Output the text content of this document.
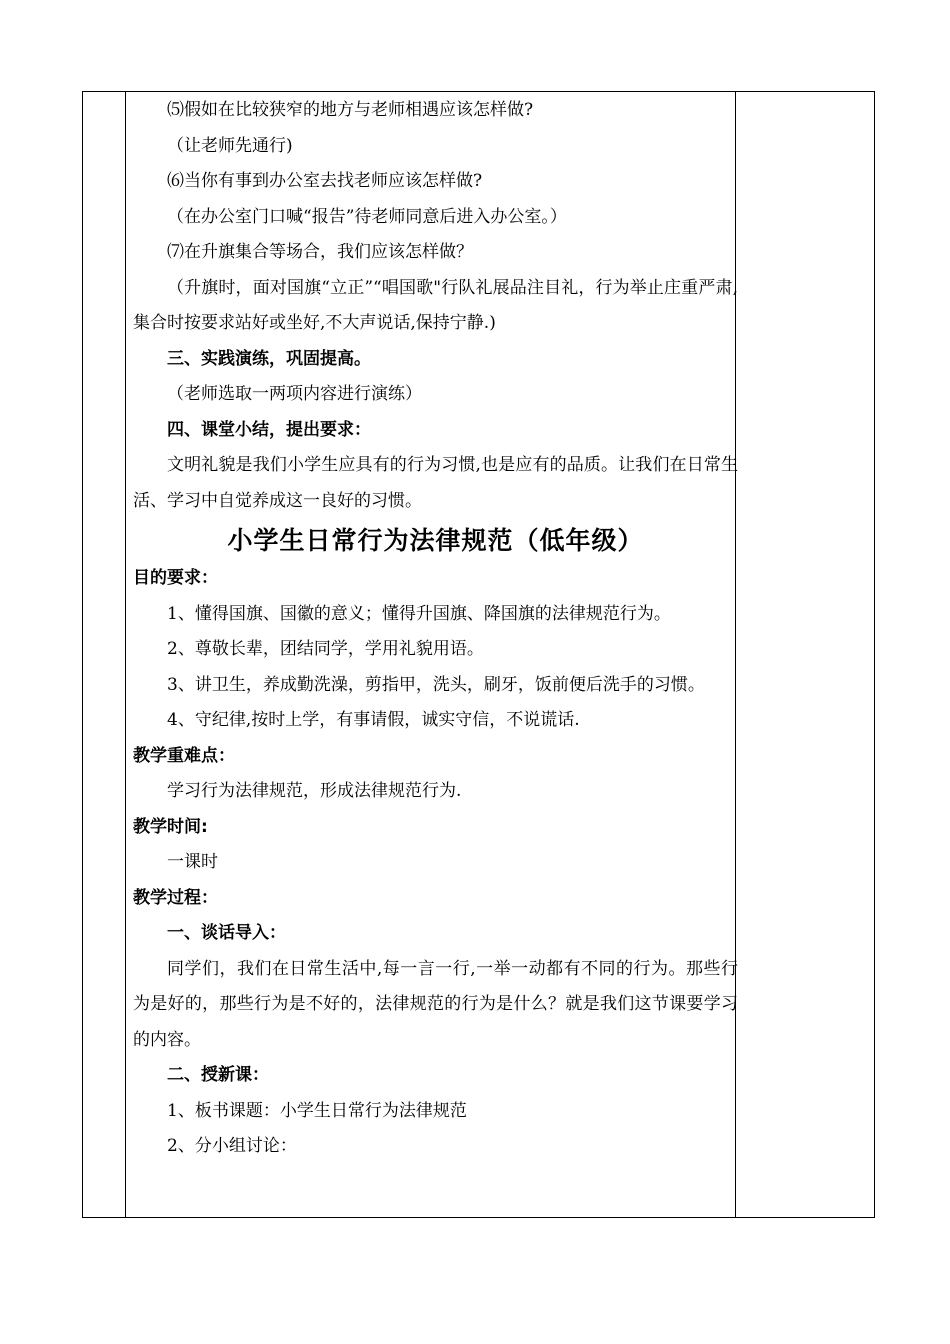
⑸假如在比较狭窄的地方与老师相遇应该怎样做?

（让老师先通行)

⑹当你有事到办公室去找老师应该怎样做?

（在办公室门口喊“报告”待老师同意后进入办公室。）

⑺在升旗集合等场合，我们应该怎样做？

（升旗时，面对国旗“立正”“唱国歌"行队礼展品注目礼，行为举止庄重严肃,集合时按要求站好或坐好,不大声说话,保持宁静.)

三、实践演练，巩固提高。

（老师选取一两项内容进行演练）

四、课堂小结，提出要求：

文明礼貌是我们小学生应具有的行为习惯,也是应有的品质。让我们在日常生活、学习中自觉养成这一良好的习惯。

小学生日常行为法律规范（低年级）

目的要求：

1、懂得国旗、国徽的意义；懂得升国旗、降国旗的法律规范行为。

2、尊敬长辈，团结同学，学用礼貌用语。

3、讲卫生，养成勤洗澡，剪指甲，洗头，刷牙，饭前便后洗手的习惯。

4、守纪律,按时上学，有事请假，诚实守信，不说谎话.

教学重难点：

学习行为法律规范，形成法律规范行为.

教学时间:

一课时

教学过程：

一、谈话导入：

同学们，我们在日常生活中,每一言一行,一举一动都有不同的行为。那些行为是好的，那些行为是不好的，法律规范的行为是什么？就是我们这节课要学习的内容。

二、授新课：

1、板书课题：小学生日常行为法律规范

2、分小组讨论：
